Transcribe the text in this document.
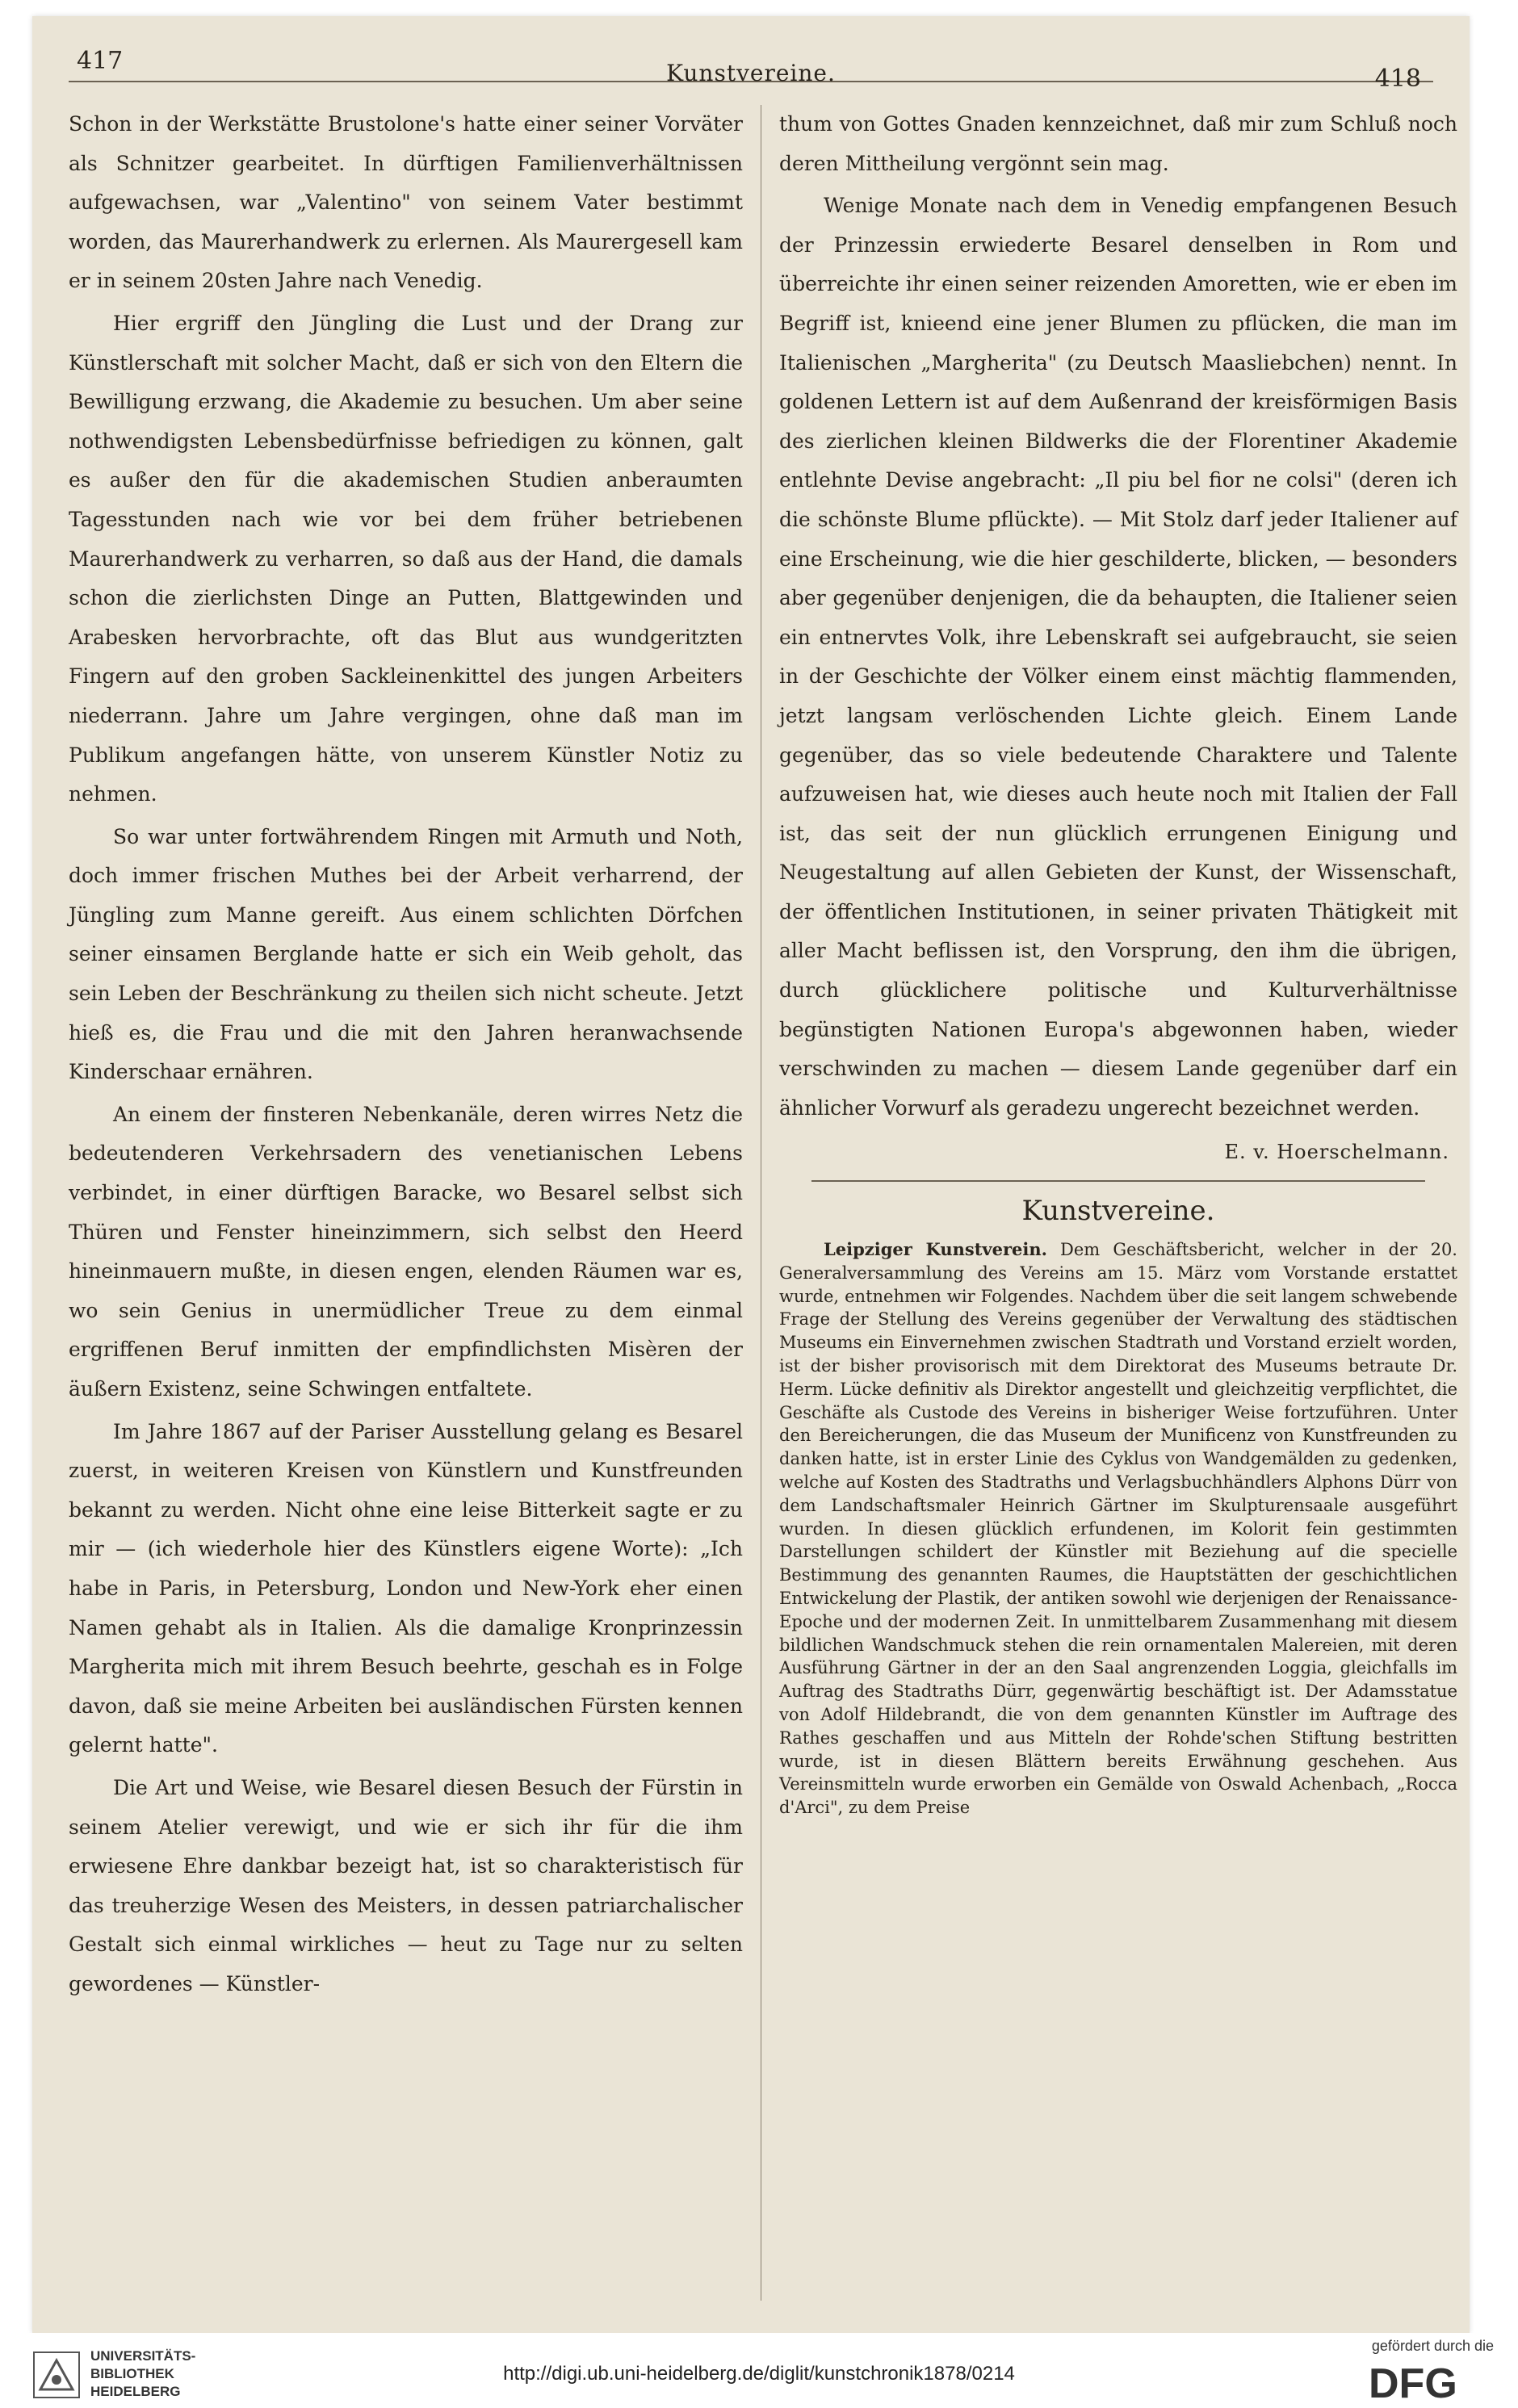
417	Kunstvereine.	418

Schon in der Werkstätte Brustolone's hatte einer seiner Vorväter als Schnitzer gearbeitet. In dürftigen Familienverhältnissen aufgewachsen, war „Valentino" von seinem Vater bestimmt worden, das Maurerhandwerk zu erlernen. Als Maurergesell kam er in seinem 20sten Jahre nach Venedig.

Hier ergriff den Jüngling die Lust und der Drang zur Künstlerschaft mit solcher Macht, daß er sich von den Eltern die Bewilligung erzwang, die Akademie zu besuchen. Um aber seine nothwendigsten Lebensbedürfnisse befriedigen zu können, galt es außer den für die akademischen Studien anberaumten Tagesstunden nach wie vor bei dem früher betriebenen Maurerhandwerk zu verharren, so daß aus der Hand, die damals schon die zierlichsten Dinge an Putten, Blattgewinden und Arabesken hervorbrachte, oft das Blut aus wundgeritzten Fingern auf den groben Sackleinenkittel des jungen Arbeiters niederrann. Jahre um Jahre vergingen, ohne daß man im Publikum angefangen hätte, von unserem Künstler Notiz zu nehmen.

So war unter fortwährendem Ringen mit Armuth und Noth, doch immer frischen Muthes bei der Arbeit verharrend, der Jüngling zum Manne gereift. Aus einem schlichten Dörfchen seiner einsamen Berglande hatte er sich ein Weib geholt, das sein Leben der Beschränkung zu theilen sich nicht scheute. Jetzt hieß es, die Frau und die mit den Jahren heranwachsende Kinderschaar ernähren.

An einem der finsteren Nebenkanäle, deren wirres Netz die bedeutenderen Verkehrsadern des venetianischen Lebens verbindet, in einer dürftigen Baracke, wo Besarel selbst sich Thüren und Fenster hineinzimmern, sich selbst den Heerd hineinmauern mußte, in diesen engen, elenden Räumen war es, wo sein Genius in unermüdlicher Treue zu dem einmal ergriffenen Beruf inmitten der empfindlichsten Misèren der äußern Existenz, seine Schwingen entfaltete.

Im Jahre 1867 auf der Pariser Ausstellung gelang es Besarel zuerst, in weiteren Kreisen von Künstlern und Kunstfreunden bekannt zu werden. Nicht ohne eine leise Bitterkeit sagte er zu mir — (ich wiederhole hier des Künstlers eigene Worte): „Ich habe in Paris, in Petersburg, London und New-York eher einen Namen gehabt als in Italien. Als die damalige Kronprinzessin Margherita mich mit ihrem Besuch beehrte, geschah es in Folge davon, daß sie meine Arbeiten bei ausländischen Fürsten kennen gelernt hatte".

Die Art und Weise, wie Besarel diesen Besuch der Fürstin in seinem Atelier verewigt, und wie er sich ihr für die ihm erwiesene Ehre dankbar bezeigt hat, ist so charakteristisch für das treuherzige Wesen des Meisters, in dessen patriarchalischer Gestalt sich einmal wirkliches — heut zu Tage nur zu selten gewordenes — Künstler-

thum von Gottes Gnaden kennzeichnet, daß mir zum Schluß noch deren Mittheilung vergönnt sein mag.

Wenige Monate nach dem in Venedig empfangenen Besuch der Prinzessin erwiederte Besarel denselben in Rom und überreichte ihr einen seiner reizenden Amoretten, wie er eben im Begriff ist, knieend eine jener Blumen zu pflücken, die man im Italienischen „Margherita" (zu Deutsch Maasliebchen) nennt. In goldenen Lettern ist auf dem Außenrand der kreisförmigen Basis des zierlichen kleinen Bildwerks die der Florentiner Akademie entlehnte Devise angebracht: „Il piu bel fior ne colsi" (deren ich die schönste Blume pflückte). — Mit Stolz darf jeder Italiener auf eine Erscheinung, wie die hier geschilderte, blicken, — besonders aber gegenüber denjenigen, die da behaupten, die Italiener seien ein entnervtes Volk, ihre Lebenskraft sei aufgebraucht, sie seien in der Geschichte der Völker einem einst mächtig flammenden, jetzt langsam verlöschenden Lichte gleich. Einem Lande gegenüber, das so viele bedeutende Charaktere und Talente aufzuweisen hat, wie dieses auch heute noch mit Italien der Fall ist, das seit der nun glücklich errungenen Einigung und Neugestaltung auf allen Gebieten der Kunst, der Wissenschaft, der öffentlichen Institutionen, in seiner privaten Thätigkeit mit aller Macht beflissen ist, den Vorsprung, den ihm die übrigen, durch glücklichere politische und Kulturverhältnisse begünstigten Nationen Europa's abgewonnen haben, wieder verschwinden zu machen — diesem Lande gegenüber darf ein ähnlicher Vorwurf als geradezu ungerecht bezeichnet werden.

E. v. Hoerschelmann.
Kunstvereine.

Leipziger Kunstverein. Dem Geschäftsbericht, welcher in der 20. Generalversammlung des Vereins am 15. März vom Vorstande erstattet wurde, entnehmen wir Folgendes. Nachdem über die seit langem schwebende Frage der Stellung des Vereins gegenüber der Verwaltung des städtischen Museums ein Einvernehmen zwischen Stadtrath und Vorstand erzielt worden, ist der bisher provisorisch mit dem Direktorat des Museums betraute Dr. Herm. Lücke definitiv als Direktor angestellt und gleichzeitig verpflichtet, die Geschäfte als Custode des Vereins in bisheriger Weise fortzuführen. Unter den Bereicherungen, die das Museum der Munificenz von Kunstfreunden zu danken hatte, ist in erster Linie des Cyklus von Wandgemälden zu gedenken, welche auf Kosten des Stadtraths und Verlagsbuchhändlers Alphons Dürr von dem Landschaftsmaler Heinrich Gärtner im Skulpturensaale ausgeführt wurden. In diesen glücklich erfundenen, im Kolorit fein gestimmten Darstellungen schildert der Künstler mit Beziehung auf die specielle Bestimmung des genannten Raumes, die Hauptstätten der geschichtlichen Entwickelung der Plastik, der antiken sowohl wie derjenigen der Renaissance-Epoche und der modernen Zeit. In unmittelbarem Zusammenhang mit diesem bildlichen Wandschmuck stehen die rein ornamentalen Malereien, mit deren Ausführung Gärtner in der an den Saal angrenzenden Loggia, gleichfalls im Auftrag des Stadtraths Dürr, gegenwärtig beschäftigt ist. Der Adamsstatue von Adolf Hildebrandt, die von dem genannten Künstler im Auftrage des Rathes geschaffen und aus Mitteln der Rohde'schen Stiftung bestritten wurde, ist in diesen Blättern bereits Erwähnung geschehen. Aus Vereinsmitteln wurde erworben ein Gemälde von Oswald Achenbach, „Rocca d'Arci", zu dem Preise

UNIVERSITÄTS-
BIBLIOTHEK
HEIDELBERG
http://digi.ub.uni-heidelberg.de/diglit/kunstchronik1878/0214
gefördert durch die
DFG
